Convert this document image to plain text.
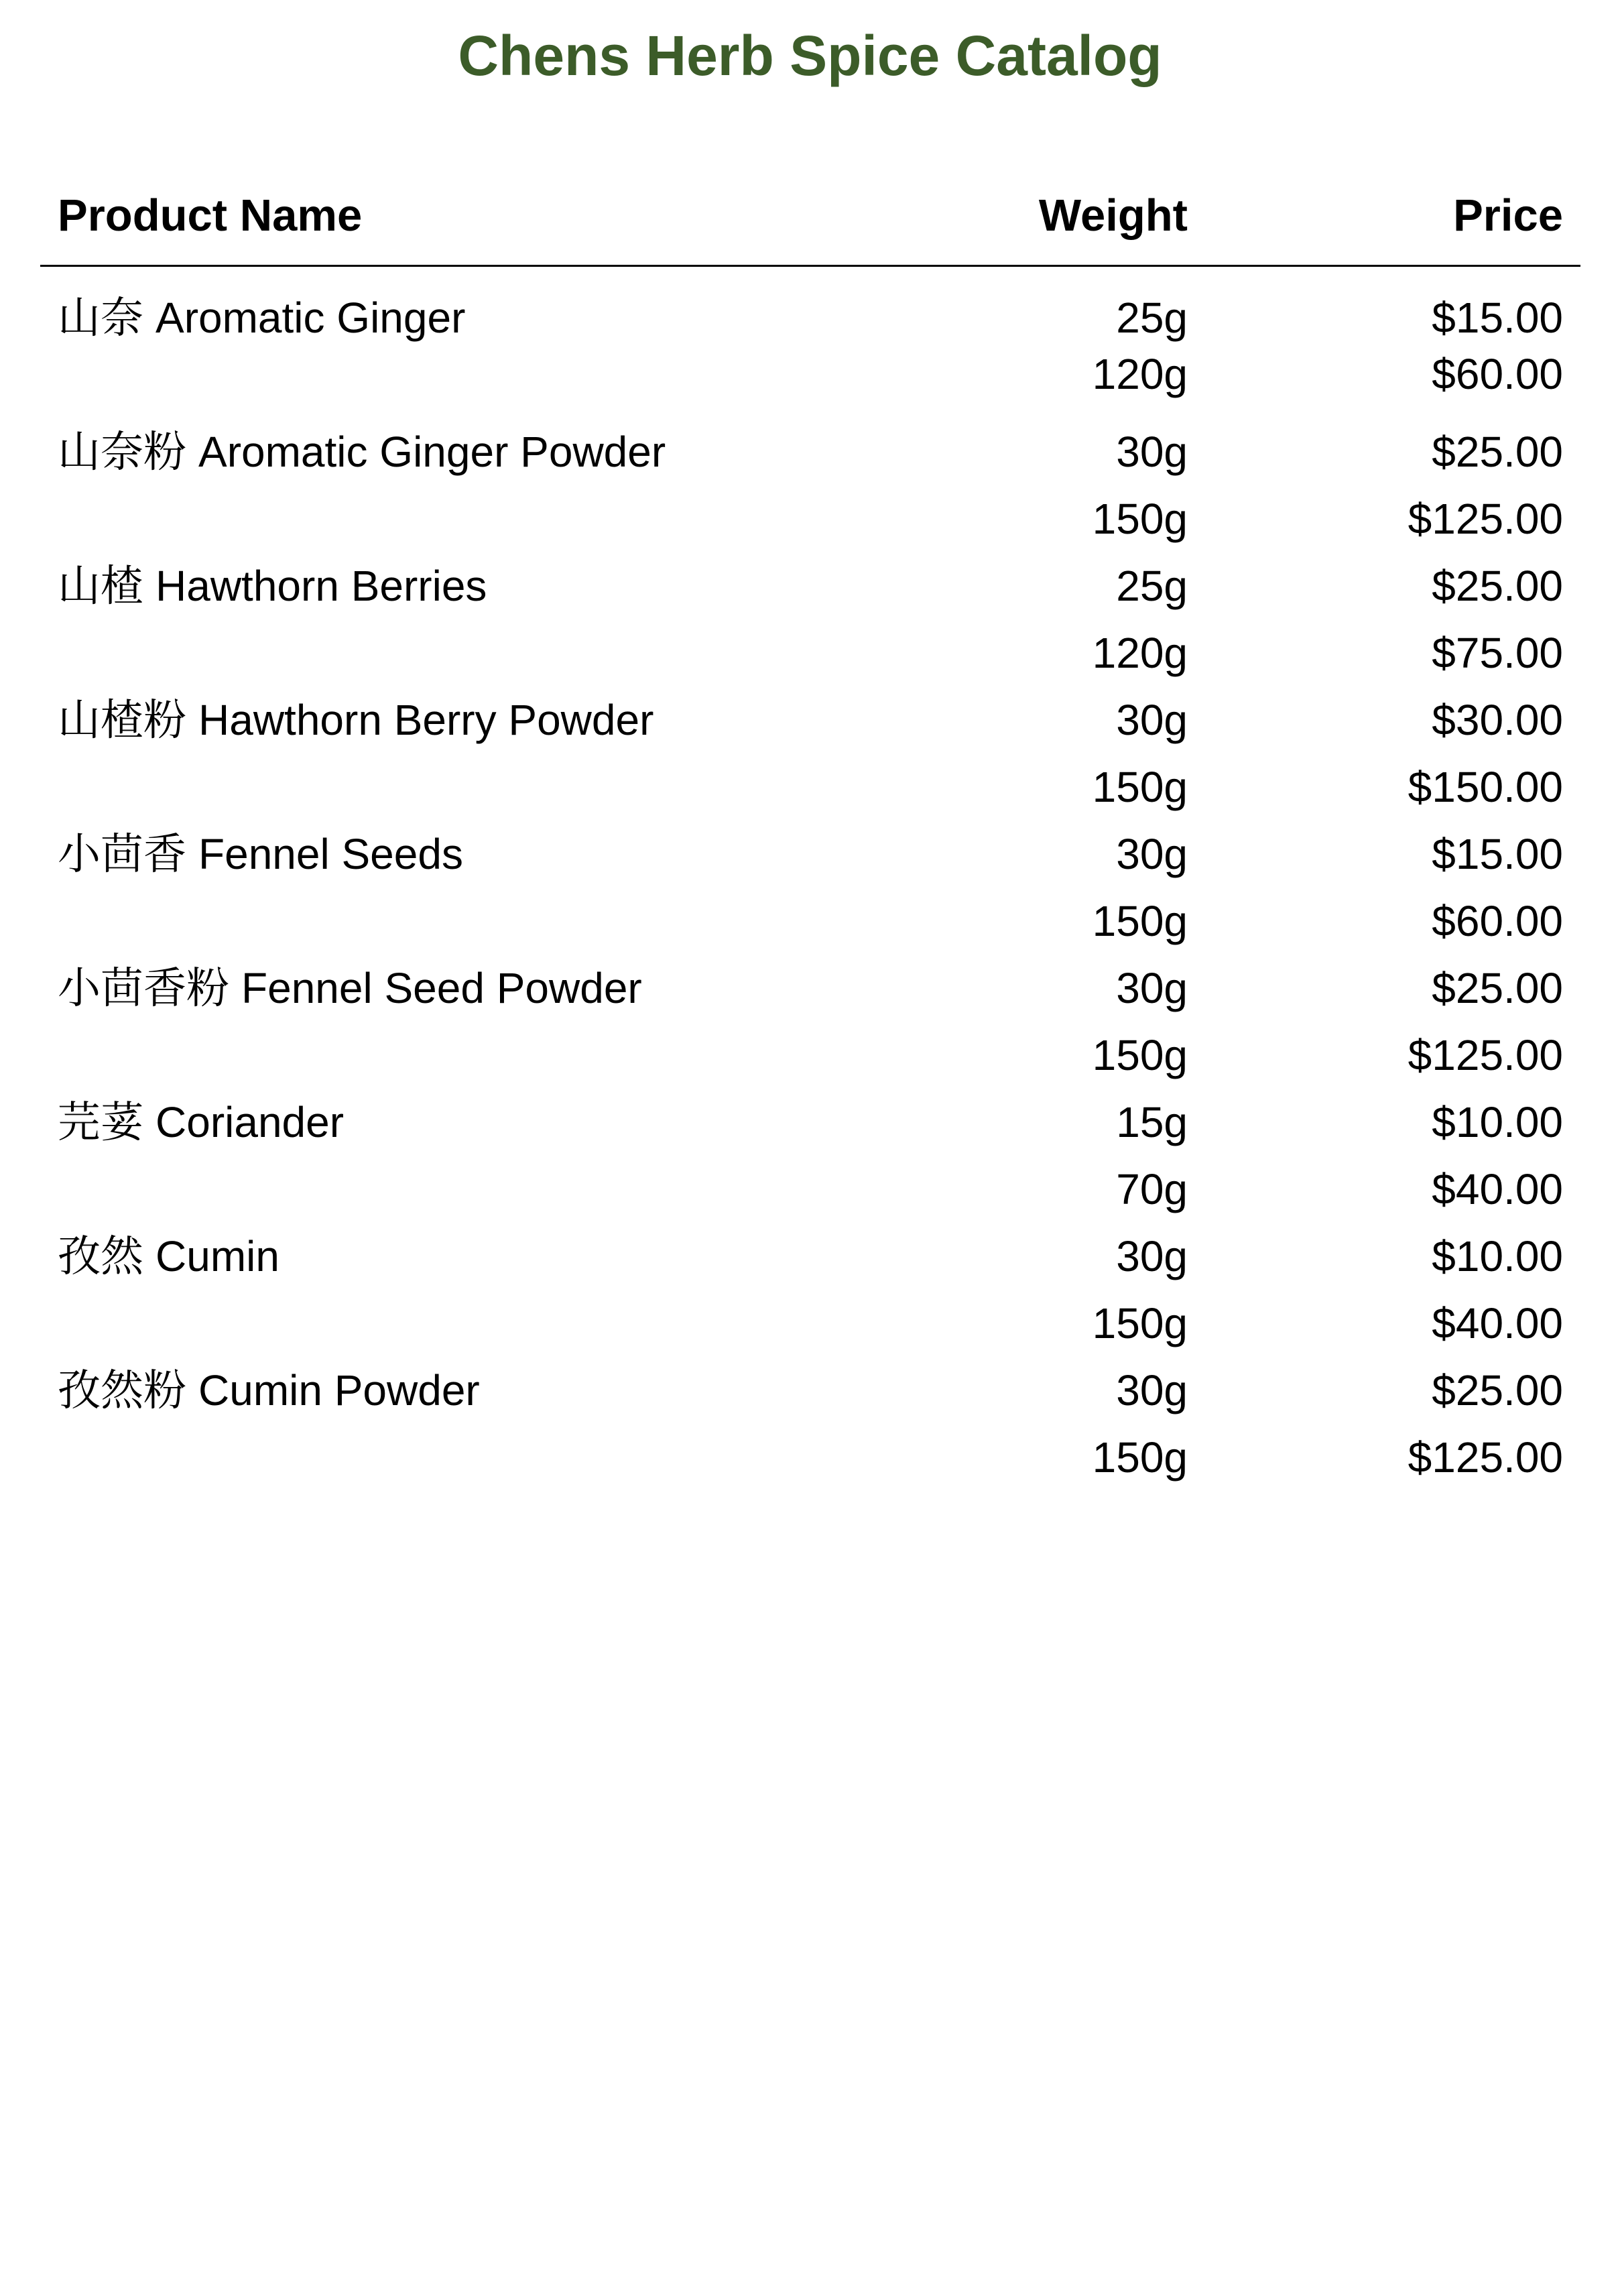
Chens Herb Spice Catalog
Product Name	Weight	Price
山奈 Aromatic Ginger	25g	$15.00
120g	$60.00
山奈粉 Aromatic Ginger Powder	30g	$25.00
150g	$125.00
山楂 Hawthorn Berries	25g	$25.00
120g	$75.00
山楂粉 Hawthorn Berry Powder	30g	$30.00
150g	$150.00
小茴香 Fennel Seeds	30g	$15.00
150g	$60.00
小茴香粉 Fennel Seed Powder	30g	$25.00
150g	$125.00
芫荽 Coriander	15g	$10.00
70g	$40.00
孜然 Cumin	30g	$10.00
150g	$40.00
孜然粉 Cumin Powder	30g	$25.00
150g	$125.00
